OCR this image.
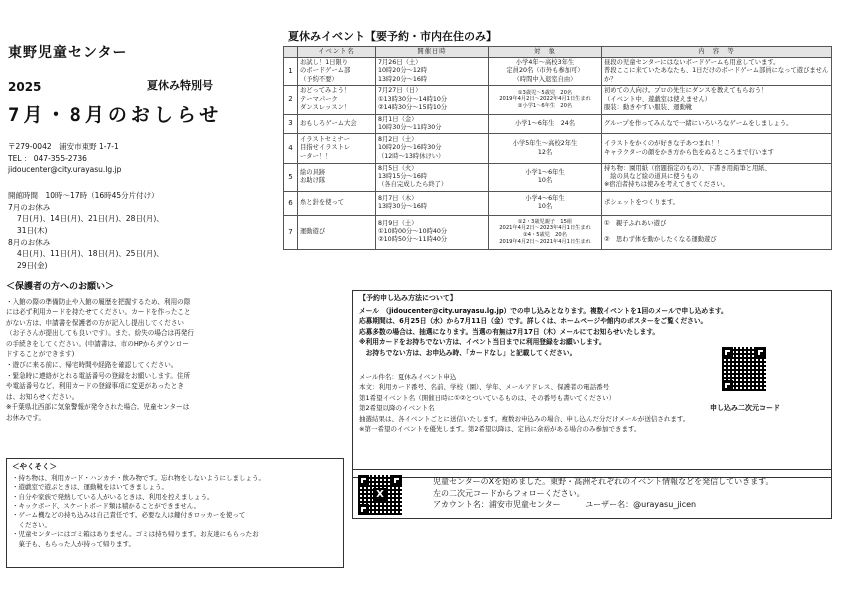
東野児童センター
2025	夏休み特別号
7月・8月のおしらせ
〒279-0042　浦安市東野 1-7-1
TEL ： 047-355-2736
jidoucenter@city.urayasu.lg.jp
開館時間　10時～17時（16時45分片付け）
7月のお休み
7日(月)、14日(月)、21日(月)、28日(月)、
31日(木)
8月のお休み
4日(月)、11日(月)、18日(月)、25日(月)、
29日(金)
＜保護者の方へのお願い＞

・入館の際の準備防止や入館の履歴を把握するため、利用の際

には必ず利用カードを持たせてください。カードを作ったこと

がない方は、申請書を保護者の方が記入し提出してください

（お子さんが提出しても良いです）。また、紛失の場合は再発行

の手続きをしてください。(申請書は、市のHPからダウンロー

ドすることができます)

・遊びに来る前に、帰宅時間や経路を確認してください。

・緊急時に連絡がとれる電話番号の登録をお願いします。住所

や電話番号など、利用カードの登録事項に変更があったとき

は、お知らせください。

※千葉県北西部に気象警報が発令された場合、児童センターは

お休みです。

＜やくそく＞

・持ち物は、利用カード・ハンカチ・飲み物です。忘れ物をしないようにしましょう。

・遊戯室で遊ぶときは、運動靴をはいてきましょう。

・自分や家族で発熱している人がいるときは、利用を控えましょう。

・キックボード、スケートボード類は積かることができません。

・ゲーム機などの持ち込みは自己責任です。必要な人は鍵付きロッカーを使って

　ください。

・児童センターにはゴミ箱はありません。ゴミは持ち帰ります。お友達にもらったお

　菓子も、もらった人が持って帰ります。

夏休みイベント【要予約・市内在住のみ】
	イベント名	開催日時	対　象	内　容　等
1	お試し！1日限り
のボードゲーム部
（予約不要）	7月26日（土）
10時20分～12時
13時20分～16時	小学4年～高校3年生
定員20名（市外も参加可）
（時間中入退室自由）	昼段の児童センターにはないボードゲームも用意しています。
普段ここに来ていたあなたも、1日だけのボードゲーム部員になって遊びませんか？
2	おどってみよう！
テーマパーク
ダンスレッスン！	7月27日（日）
①13時30分～14時10分
②14時30分～15時10分	①3歳児～5歳児　20名
2019年4月2日～2022年4月1日生まれ
②小学1～6年生　20名	初めての人向け。プロの先生にダンスを教えてもらおう！
（イベント中、遊戯室は使えません）
服装：動きやすい服装、運動靴
3	おもしろゲーム大会	8月1日（金）
10時30分～11時30分	小学1～6年生　24名	グループを作ってみんなで一緒にいろいろなゲームをしましょう。
4	イラストセミナー
目指せイラストレ
ーター！！	8月2日（土）
10時20分～16時30分
（12時～13時休けい）	小学5年生～高校2年生
12名	イラストをかくのが好きな子あつまれ！！
キャラクターの顔をかき方から色をぬるところまで行います
5	絵の具跡
お助け隊	8月5日（火）
13時15分～16時
（各自完成したら終了）	小学1～6年生
10名	持ち物：園用紙（宿題指定のもの）、下書き用鉛筆と用紙、
　絵の具など絵の道具に使うもの
※宿泊者持ちは使みを考えてきてください。
6	糸と針を使って	8月7日（木）
13時30分～16時	小学4～6年生
10名	ポシェットをつくります。
7	運動遊び	8月9日（土）
①10時00分～10時40分
②10時50分～11時40分	①2・3歳児親子　15組
2021年4月2日～2023年4月1日生まれ
②4・5歳児　20名
2019年4月2日～2021年4月1日生まれ	①　親子ふれあい遊び

②　思わず体を動かしたくなる運動遊び
【予約申し込み方法について】
メール　（jidoucenter@city.urayasu.lg.jp）での申し込みとなります。複数イベントを1回のメールで申し込めます。
応募期間は、6月25日（水）から7月11日（金）です。詳しくは、ホームページや館内のポスターをご覧ください。
応募多数の場合は、抽選になります。当選の有無は7月17日（木）メールにてお知らせいたします。
※利用カードをお持ちでない方は、イベント当日までに利用登録をお願いします。
　お持ちでない方は、お申込み時、「カードなし」と記載してください。
メール件名：夏休みイベント申込
本文：利用カード番号、名前、学校（園）、学年、メールアドレス、保護者の電話番号
第1希望イベント名（開催日時に①②とついているものは、その番号も書いてください）
第2希望以降のイベント名
抽選結果は、各イベントごとに送信いたします。複数お申込みの場合、申し込んだ分だけメールが送信されます。
※第一希望のイベントを優先します。第2希望以降は、定員に余裕がある場合のみ参加できます。
申し込み二次元コード
X
児童センターのXを始めました。東野・高洲それぞれのイベント情報などを発信していきます。
左の二次元コードからフォローください。
アカウント名：浦安市児童センター	ユーザー名：@urayasu_jicen
